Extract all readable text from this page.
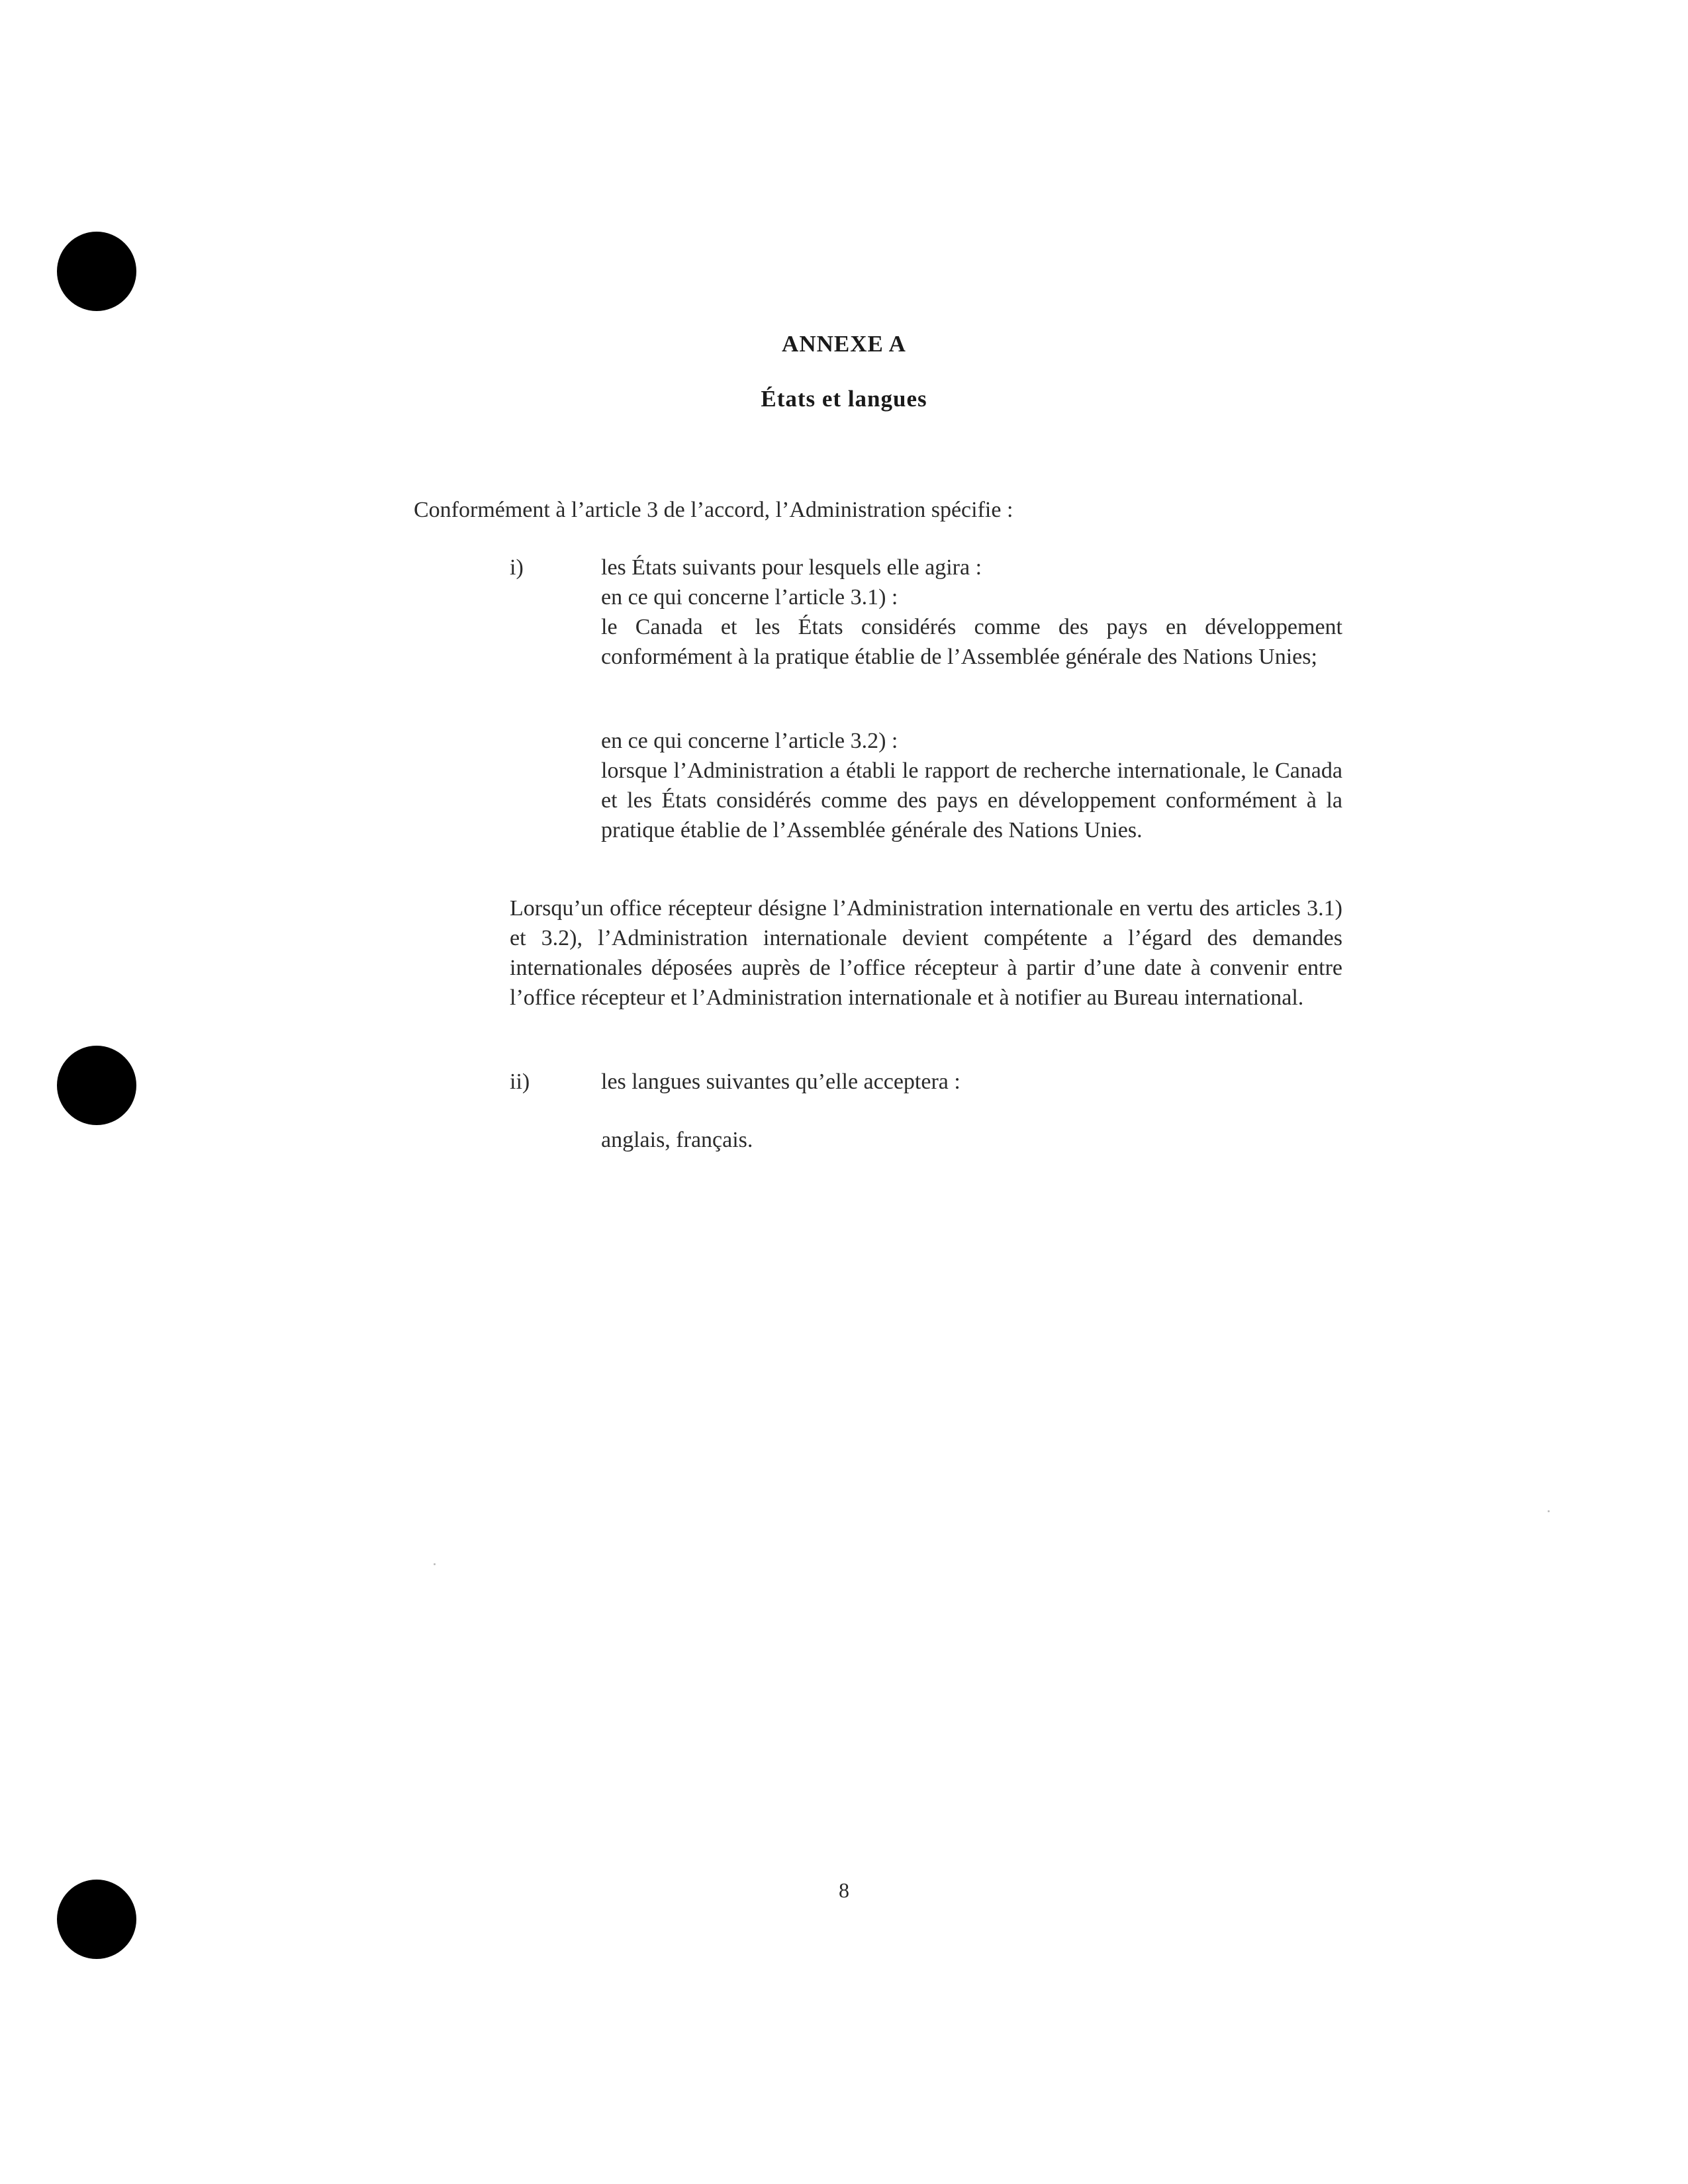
ANNEXE A
États et langues
Conformément à l’article 3 de l’accord, l’Administration spécifie :
i)	les États suivants pour lesquels elle agira :
en ce qui concerne l’article 3.1) :
le Canada et les États considérés comme des pays en développement conformément à la pratique établie de l’Assemblée générale des Nations Unies;
en ce qui concerne l’article 3.2) :
lorsque l’Administration a établi le rapport de recherche internationale, le Canada et les États considérés comme des pays en développement conformément à la pratique établie de l’Assemblée générale des Nations Unies.
Lorsqu’un office récepteur désigne l’Administration internationale en vertu des articles 3.1) et 3.2), l’Administration internationale devient compétente a l’égard des demandes internationales déposées auprès de l’office récepteur à partir d’une date à convenir entre l’office récepteur et l’Administration internationale et à notifier au Bureau international.
ii)	les langues suivantes qu’elle acceptera :
anglais, français.
8
